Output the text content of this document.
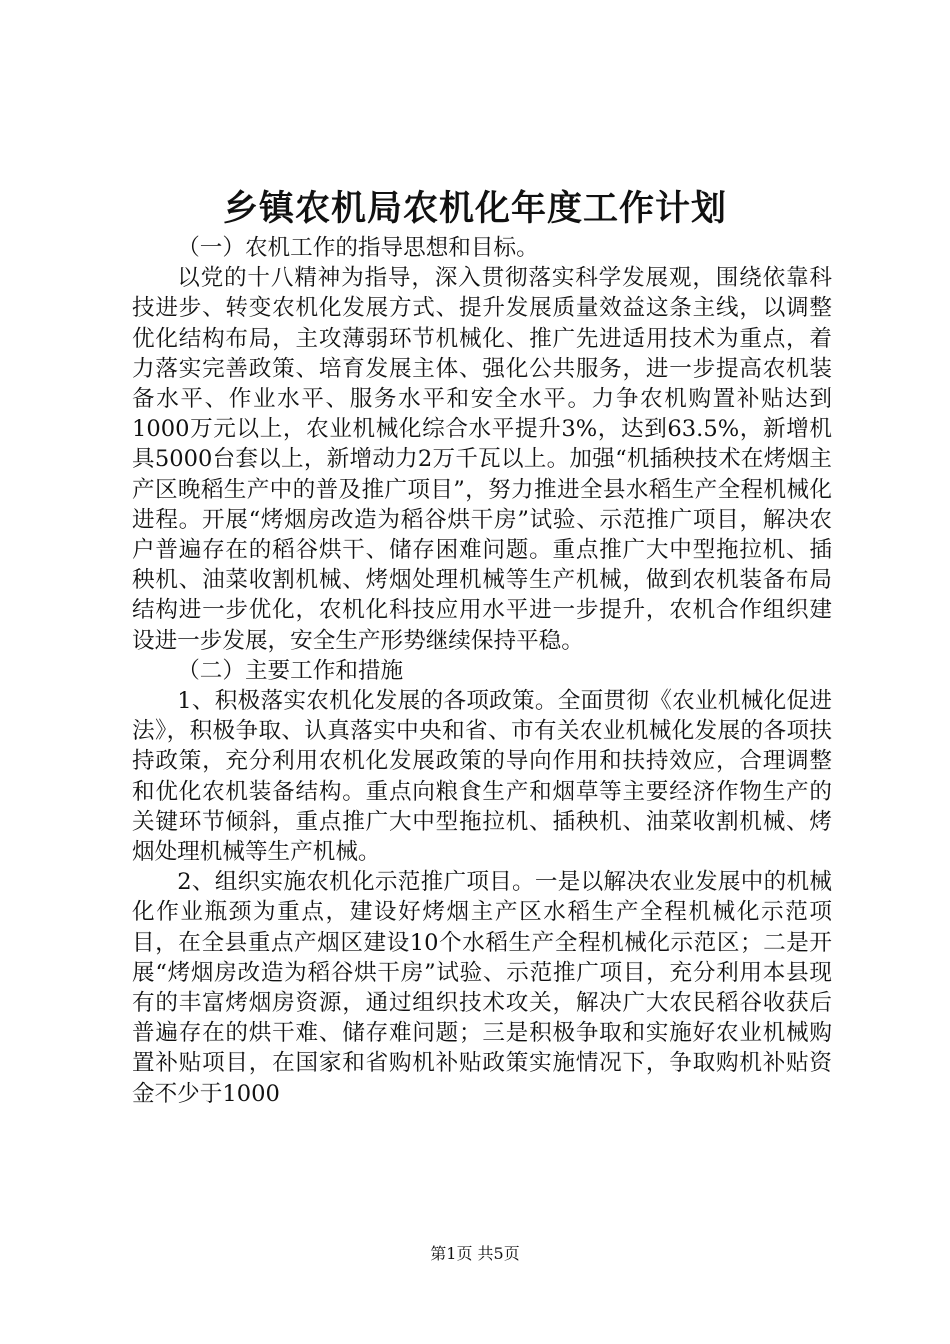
乡镇农机局农机化年度工作计划

（一）农机工作的指导思想和目标。

以党的十八精神为指导，深入贯彻落实科学发展观，围绕依靠科技进步、转变农机化发展方式、提升发展质量效益这条主线，以调整优化结构布局，主攻薄弱环节机械化、推广先进适用技术为重点，着力落实完善政策、培育发展主体、强化公共服务，进一步提高农机装备水平、作业水平、服务水平和安全水平。力争农机购置补贴达到1000万元以上，农业机械化综合水平提升3%，达到63.5%，新增机具5000台套以上，新增动力2万千瓦以上。加强“机插秧技术在烤烟主产区晚稻生产中的普及推广项目”，努力推进全县水稻生产全程机械化进程。开展“烤烟房改造为稻谷烘干房”试验、示范推广项目，解决农户普遍存在的稻谷烘干、储存困难问题。重点推广大中型拖拉机、插秧机、油菜收割机械、烤烟处理机械等生产机械，做到农机装备布局结构进一步优化，农机化科技应用水平进一步提升，农机合作组织建设进一步发展，安全生产形势继续保持平稳。

（二）主要工作和措施

1、积极落实农机化发展的各项政策。全面贯彻《农业机械化促进法》，积极争取、认真落实中央和省、市有关农业机械化发展的各项扶持政策，充分利用农机化发展政策的导向作用和扶持效应，合理调整和优化农机装备结构。重点向粮食生产和烟草等主要经济作物生产的关键环节倾斜，重点推广大中型拖拉机、插秧机、油菜收割机械、烤烟处理机械等生产机械。

2、组织实施农机化示范推广项目。一是以解决农业发展中的机械化作业瓶颈为重点，建设好烤烟主产区水稻生产全程机械化示范项目，在全县重点产烟区建设10个水稻生产全程机械化示范区；二是开展“烤烟房改造为稻谷烘干房”试验、示范推广项目，充分利用本县现有的丰富烤烟房资源，通过组织技术攻关，解决广大农民稻谷收获后普遍存在的烘干难、储存难问题；三是积极争取和实施好农业机械购置补贴项目，在国家和省购机补贴政策实施情况下，争取购机补贴资金不少于1000

第1页 共5页
